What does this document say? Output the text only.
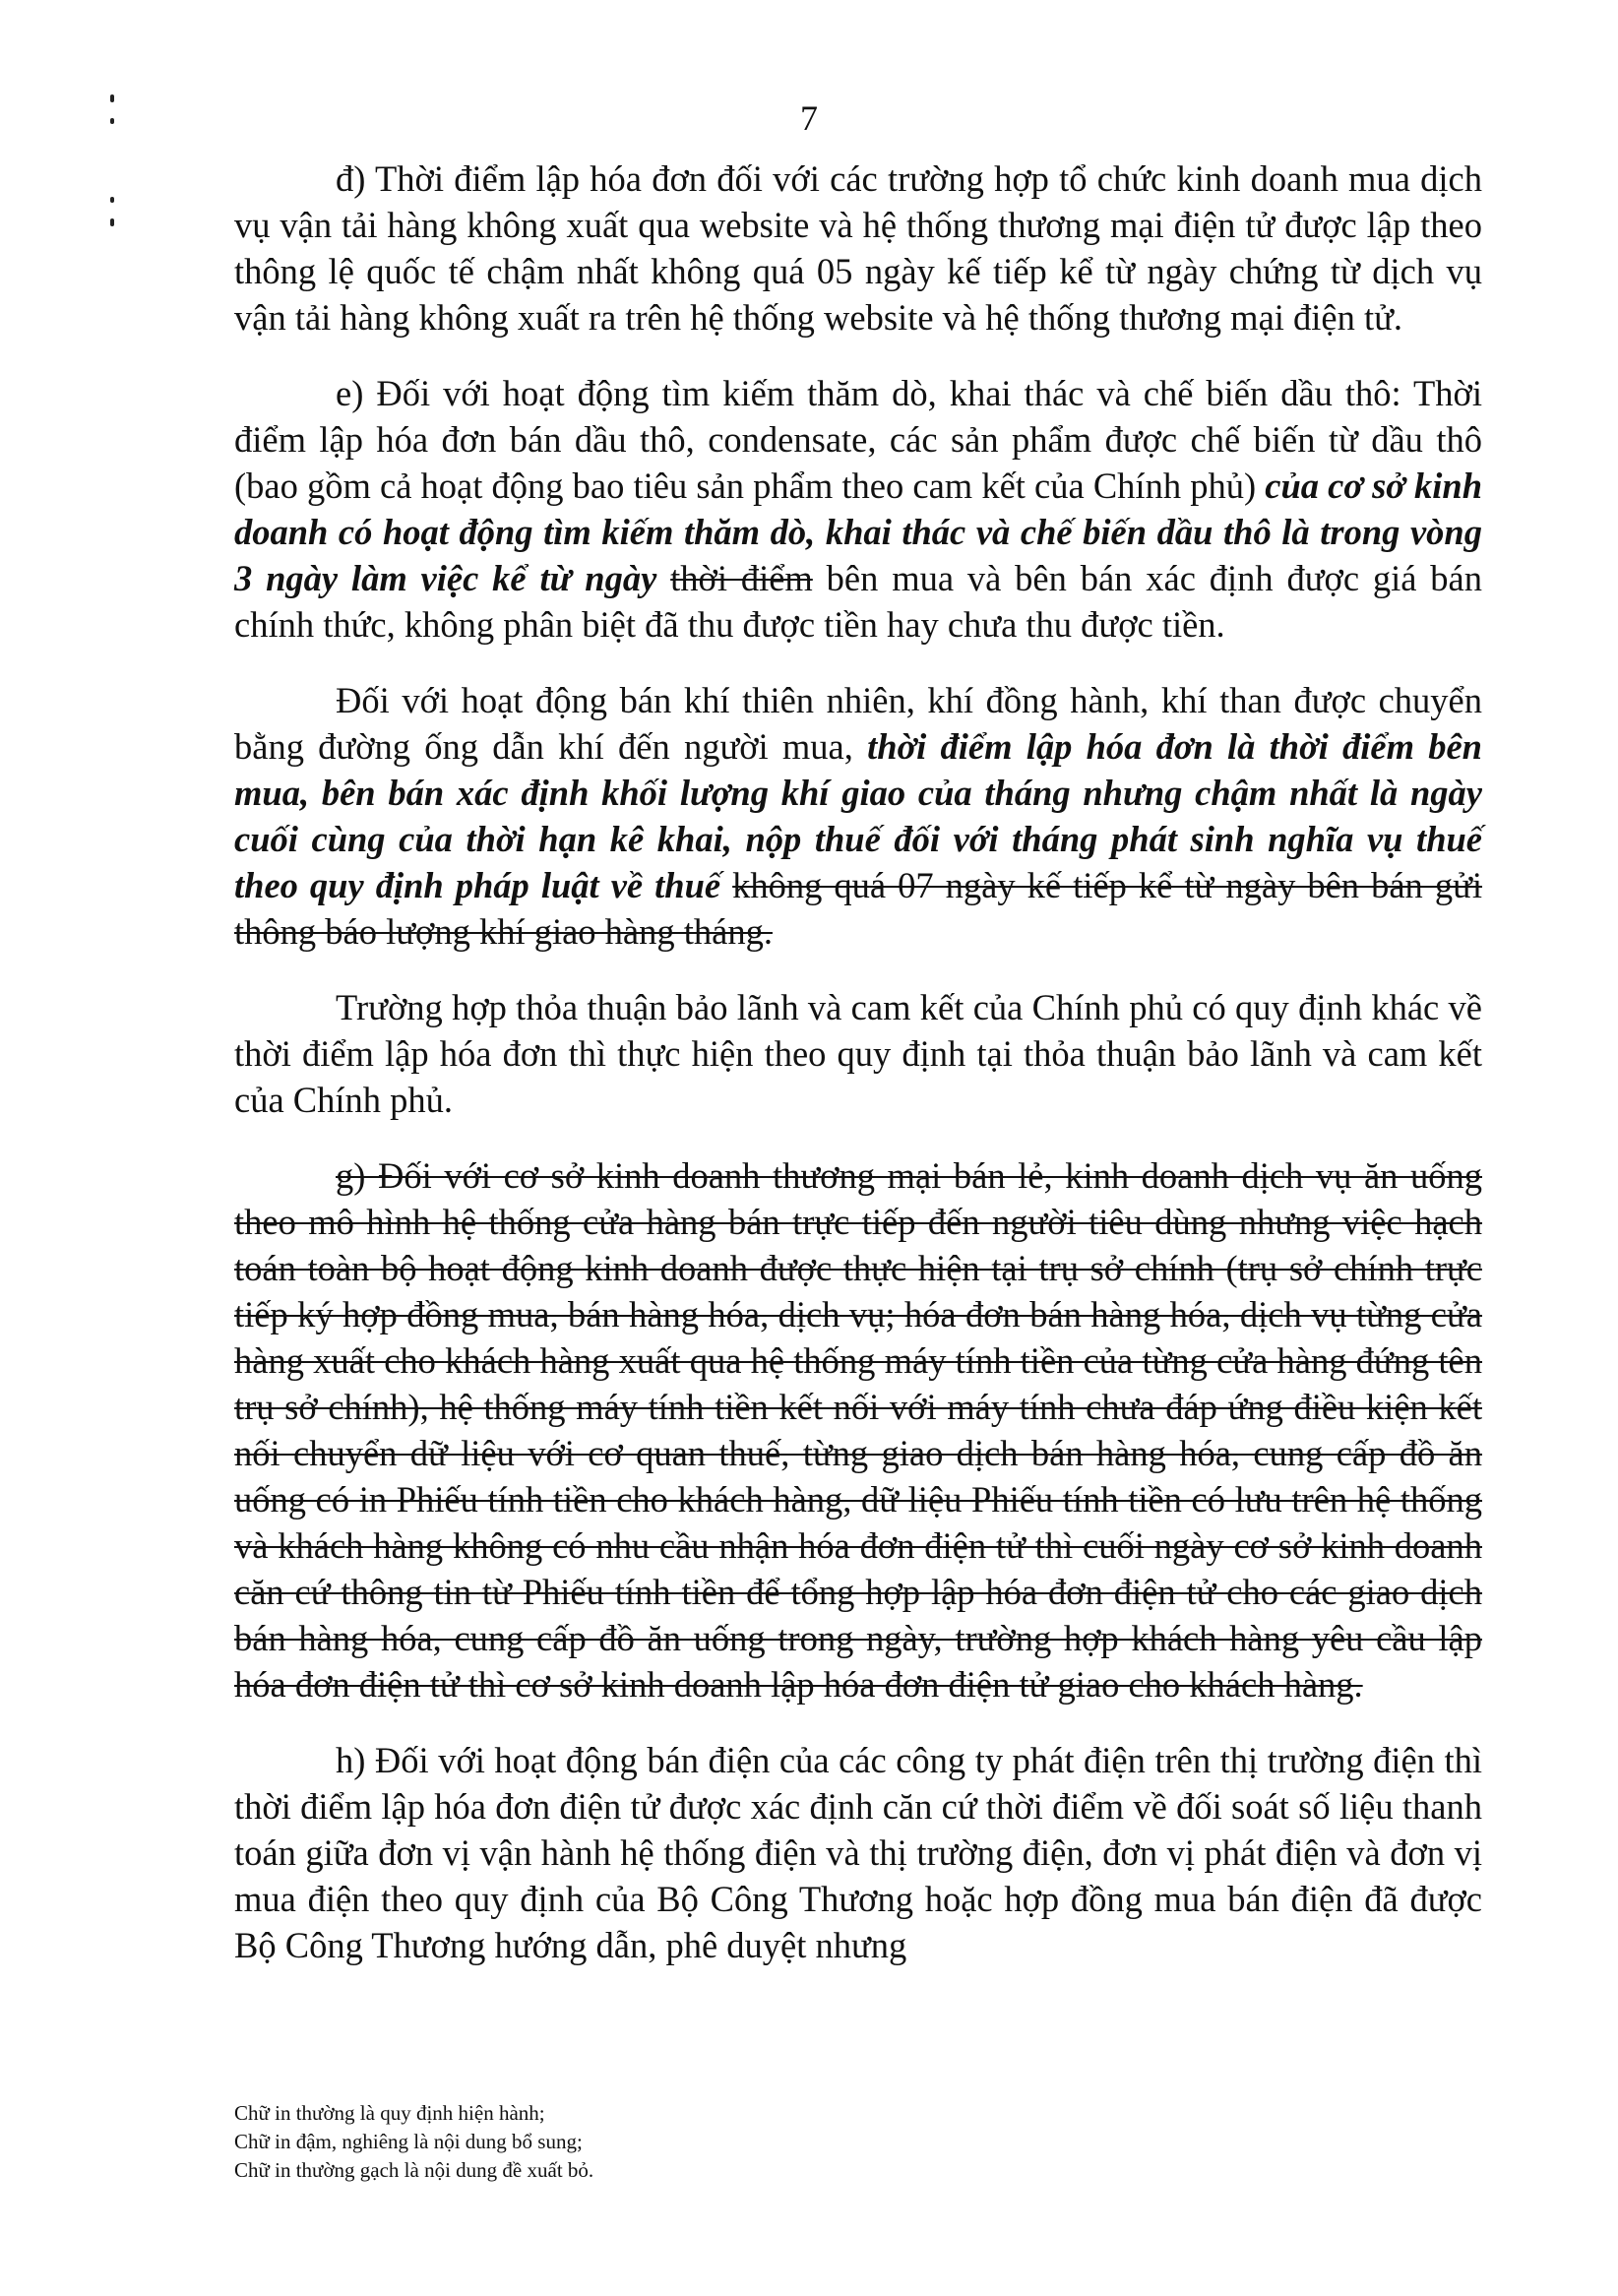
7

đ) Thời điểm lập hóa đơn đối với các trường hợp tổ chức kinh doanh mua dịch vụ vận tải hàng không xuất qua website và hệ thống thương mại điện tử được lập theo thông lệ quốc tế chậm nhất không quá 05 ngày kế tiếp kể từ ngày chứng từ dịch vụ vận tải hàng không xuất ra trên hệ thống website và hệ thống thương mại điện tử.

e) Đối với hoạt động tìm kiếm thăm dò, khai thác và chế biến dầu thô: Thời điểm lập hóa đơn bán dầu thô, condensate, các sản phẩm được chế biến từ dầu thô (bao gồm cả hoạt động bao tiêu sản phẩm theo cam kết của Chính phủ) của cơ sở kinh doanh có hoạt động tìm kiếm thăm dò, khai thác và chế biến dầu thô là trong vòng 3 ngày làm việc kể từ ngày thời điểm bên mua và bên bán xác định được giá bán chính thức, không phân biệt đã thu được tiền hay chưa thu được tiền.

Đối với hoạt động bán khí thiên nhiên, khí đồng hành, khí than được chuyển bằng đường ống dẫn khí đến người mua, thời điểm lập hóa đơn là thời điểm bên mua, bên bán xác định khối lượng khí giao của tháng nhưng chậm nhất là ngày cuối cùng của thời hạn kê khai, nộp thuế đối với tháng phát sinh nghĩa vụ thuế theo quy định pháp luật về thuế không quá 07 ngày kế tiếp kể từ ngày bên bán gửi thông báo lượng khí giao hàng tháng.

Trường hợp thỏa thuận bảo lãnh và cam kết của Chính phủ có quy định khác về thời điểm lập hóa đơn thì thực hiện theo quy định tại thỏa thuận bảo lãnh và cam kết của Chính phủ.

g) Đối với cơ sở kinh doanh thương mại bán lẻ, kinh doanh dịch vụ ăn uống theo mô hình hệ thống cửa hàng bán trực tiếp đến người tiêu dùng nhưng việc hạch toán toàn bộ hoạt động kinh doanh được thực hiện tại trụ sở chính (trụ sở chính trực tiếp ký hợp đồng mua, bán hàng hóa, dịch vụ; hóa đơn bán hàng hóa, dịch vụ từng cửa hàng xuất cho khách hàng xuất qua hệ thống máy tính tiền của từng cửa hàng đứng tên trụ sở chính), hệ thống máy tính tiền kết nối với máy tính chưa đáp ứng điều kiện kết nối chuyển dữ liệu với cơ quan thuế, từng giao dịch bán hàng hóa, cung cấp đồ ăn uống có in Phiếu tính tiền cho khách hàng, dữ liệu Phiếu tính tiền có lưu trên hệ thống và khách hàng không có nhu cầu nhận hóa đơn điện tử thì cuối ngày cơ sở kinh doanh căn cứ thông tin từ Phiếu tính tiền để tổng hợp lập hóa đơn điện tử cho các giao dịch bán hàng hóa, cung cấp đồ ăn uống trong ngày, trường hợp khách hàng yêu cầu lập hóa đơn điện tử thì cơ sở kinh doanh lập hóa đơn điện tử giao cho khách hàng.

h) Đối với hoạt động bán điện của các công ty phát điện trên thị trường điện thì thời điểm lập hóa đơn điện tử được xác định căn cứ thời điểm về đối soát số liệu thanh toán giữa đơn vị vận hành hệ thống điện và thị trường điện, đơn vị phát điện và đơn vị mua điện theo quy định của Bộ Công Thương hoặc hợp đồng mua bán điện đã được Bộ Công Thương hướng dẫn, phê duyệt nhưng

Chữ in thường là quy định hiện hành;
Chữ in đậm, nghiêng là nội dung bổ sung;
Chữ in thường gạch là nội dung đề xuất bỏ.
